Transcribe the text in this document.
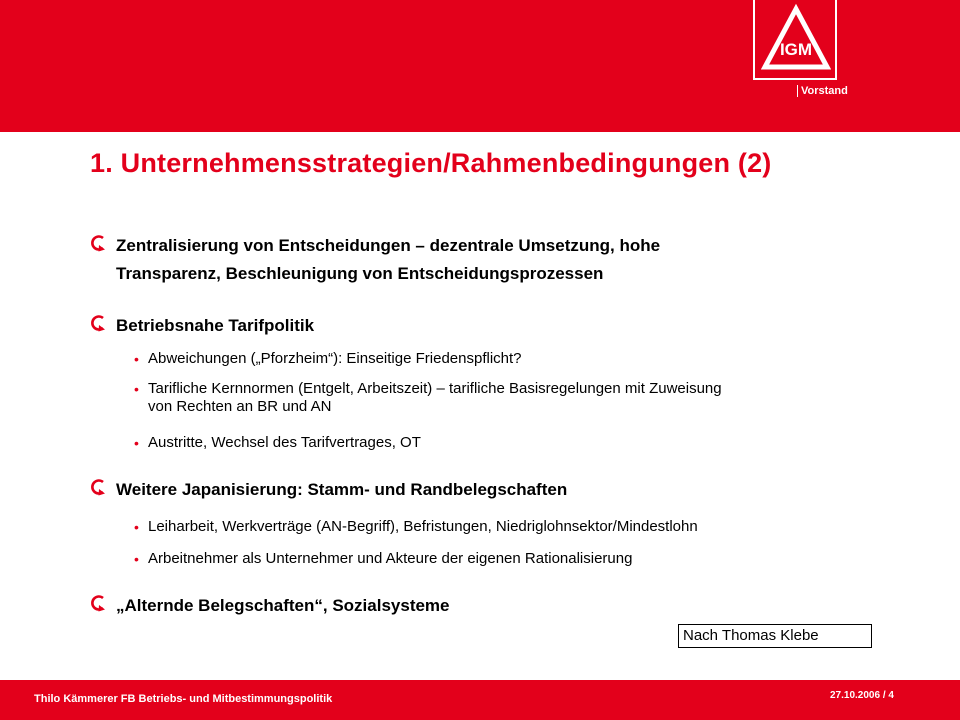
IGM
Vorstand
1. Unternehmensstrategien/Rahmenbedingungen (2)
Zentralisierung von Entscheidungen – dezentrale Umsetzung, hohe
Transparenz, Beschleunigung von Entscheidungsprozessen
Betriebsnahe Tarifpolitik
• Abweichungen („Pforzheim“): Einseitige Friedenspflicht?
• Tarifliche Kernnormen (Entgelt, Arbeitszeit) – tarifliche Basisregelungen mit Zuweisung
von Rechten an BR und AN
• Austritte, Wechsel des Tarifvertrages, OT
Weitere Japanisierung: Stamm- und Randbelegschaften
• Leiharbeit, Werkverträge (AN-Begriff), Befristungen, Niedriglohnsektor/Mindestlohn
• Arbeitnehmer als Unternehmer und Akteure der eigenen Rationalisierung
„Alternde Belegschaften“, Sozialsysteme
Nach Thomas Klebe
Thilo Kämmerer FB Betriebs- und Mitbestimmungspolitik	27.10.2006 / 4
